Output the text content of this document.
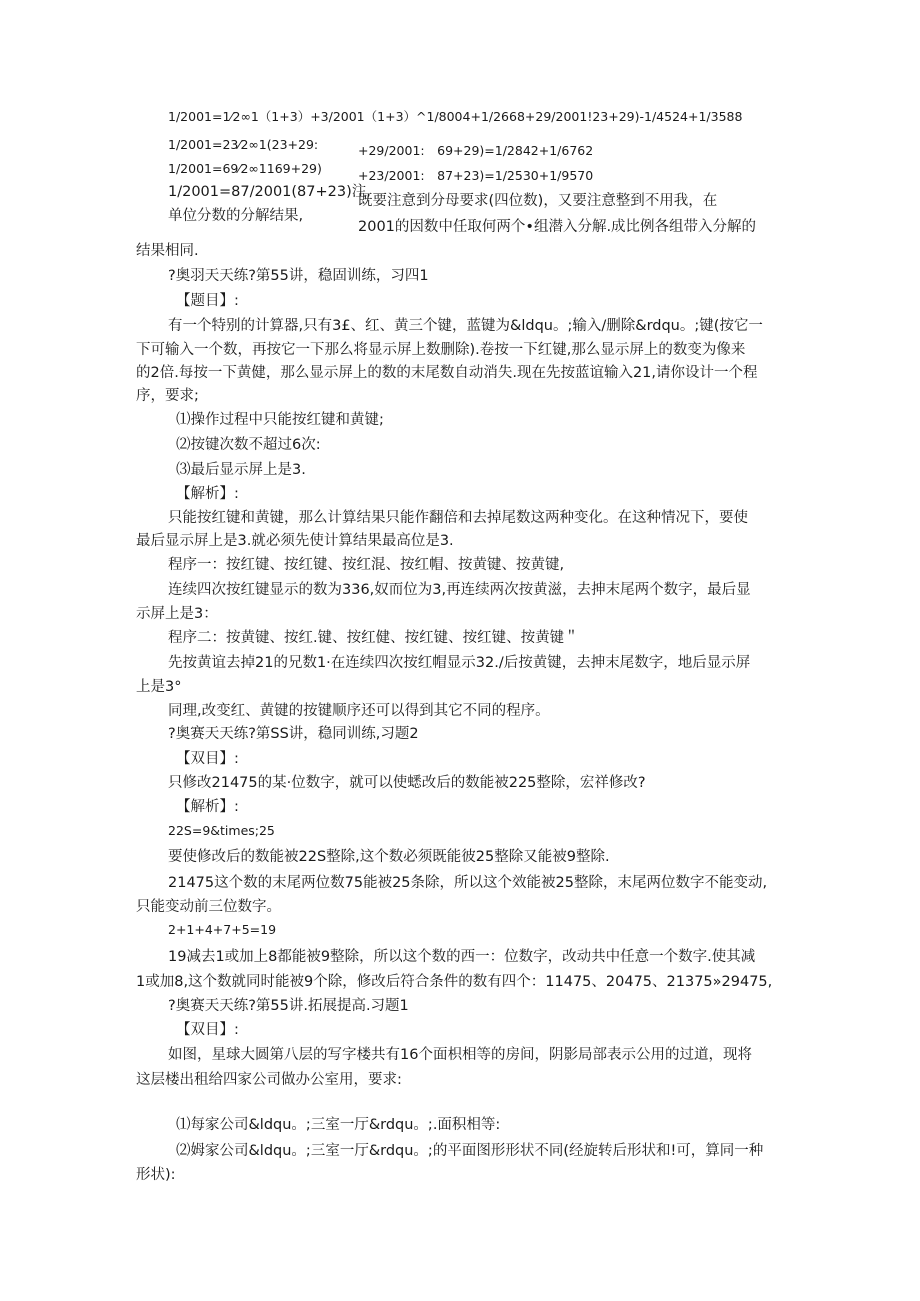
1/2001=1⁄2∞1（1+3）+3/2001（1+3）^1/8004+1/2668+29/2001!23+29)-1/4524+1/3588
1/2001=23⁄2∞1(23+29:	+29/2001:　69+29)=1/2842+1/6762
1/2001=69⁄2∞1169+29)	+23/2001:　87+23)=1/2530+1/9570
1/2001=87/2001(87+23)注,
既要注意到分母要求(四位数)，又要注意整到不用我，在
单位分数的分解结果,
2001的因数中任取何两个•组潜入分解.成比例各组带入分解的
结果相同.
?奥羽天天练?第55讲，稳固训练，习四1
【题目】:
有一个特别的计算器,只有3£、红、黄三个键，蓝键为&ldqu。;输入/删除&rdqu。;键(按它一
下可输入一个数，再按它一下那么将显示屏上数删除).卷按一下红键,那么显示屏上的数变为像来
的2倍.每按一下黄健，那么显示屏上的数的末尾数自动消失.现在先按蓝谊输入21,请你设计一个程
序，要求;
⑴操作过程中只能按红键和黄键;
⑵按键次数不超过6次:
⑶最后显示屏上是3.
【解析】:
只能按红键和黄键，那么计算结果只能作翻倍和去掉尾数这两种变化。在这种情况下，要使
最后显示屏上是3.就必须先使计算结果最高位是3.
程序一：按红键、按红键、按红混、按红帽、按黄键、按黄键,
连续四次按红键显示的数为336,奴而位为3,再连续两次按黄滋，去抻末尾两个数字，最后显
示屏上是3：
程序二：按黄键、按红.键、按红健、按红键、按红键、按黄键＂
先按黄谊去掉21的兄数1·在连续四次按红帽显示32./后按黄键，去抻末尾数字，地后显示屏
上是3°
同理,改变红、黄键的按键顺序还可以得到其它不同的程序。
?奥赛天天练?第SS讲，稳同训练,习题2
【双目】:
只修改21475的某·位数字，就可以使蟋改后的数能被225整除，宏祥修改?
【解析】:
22S=9&times;25
要使修改后的数能被22S整除,这个数必须既能彼25整除又能被9整除.
21475这个数的末尾两位数75能被25条除，所以这个效能被25整除，末尾两位数字不能变动,
只能变动前三位数字。
2+1+4+7+5=19
19减去1或加上8都能被9整除，所以这个数的西一：位数字，改动共中任意一个数字.使其减
1或加8,这个数就同时能被9个除，修改后符合条件的数有四个：11475、20475、21375»29475,
?奥赛天天练?第55讲.拓展提高.习题1
【双目】:
如图，星球大圆第八层的写字楼共有16个面枳相等的房间，阴影局部表示公用的过道，现将
这层楼出租给四家公司做办公室用，要求:
⑴每家公司&ldqu。;三室一厅&rdqu。;.面积相等:
⑵姆家公司&ldqu。;三室一厅&rdqu。;的平面图形形状不同(经旋转后形状和!可，算同一种
形状):
